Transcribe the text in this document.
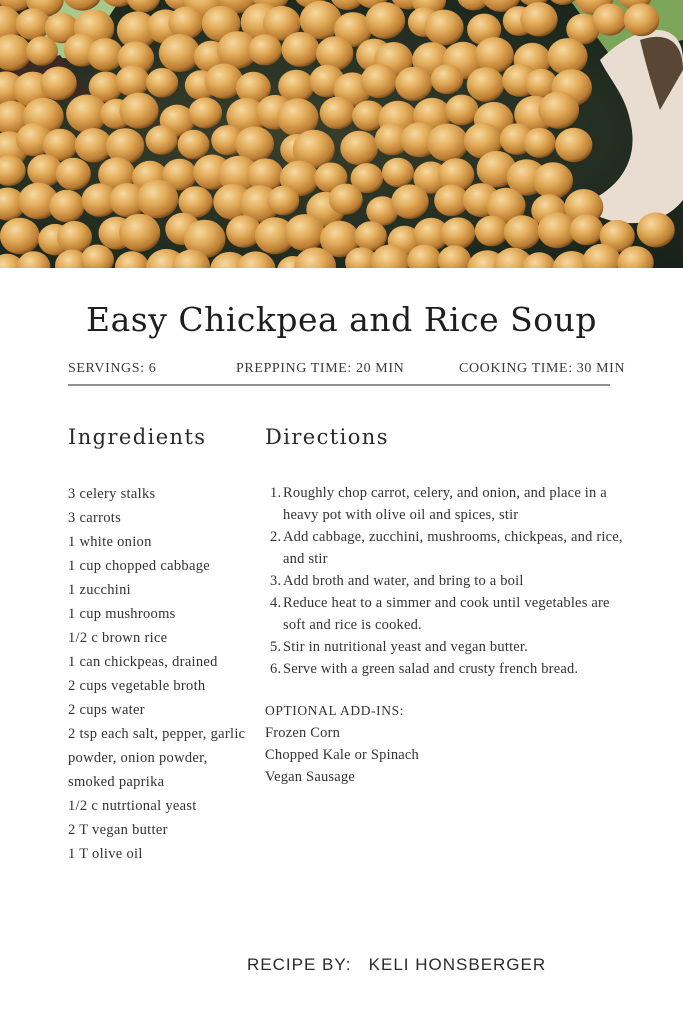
Easy Chickpea and Rice Soup
SERVINGS: 6	PREPPING TIME: 20 MIN	COOKING TIME: 30 MIN
Ingredients	Directions
3 celery stalks
3 carrots
1 white onion
1 cup chopped cabbage
1 zucchini
1 cup mushrooms
1/2 c brown rice
1 can chickpeas, drained
2 cups vegetable broth
2 cups water
2 tsp each salt, pepper, garlic powder, onion powder, smoked paprika
1/2 c nutrtional yeast
2 T vegan butter
1 T olive oil
1. Roughly chop carrot, celery, and onion, and place in a heavy pot with olive oil and spices, stir
2. Add cabbage, zucchini, mushrooms, chickpeas, and rice, and stir
3. Add broth and water, and bring to a boil
4. Reduce heat to a simmer and cook until vegetables are soft and rice is cooked.
5. Stir in nutritional yeast and vegan butter.
6. Serve with a green salad and crusty french bread.
OPTIONAL ADD-INS:
Frozen Corn
Chopped Kale or Spinach
Vegan Sausage
RECIPE BY: KELI HONSBERGER
